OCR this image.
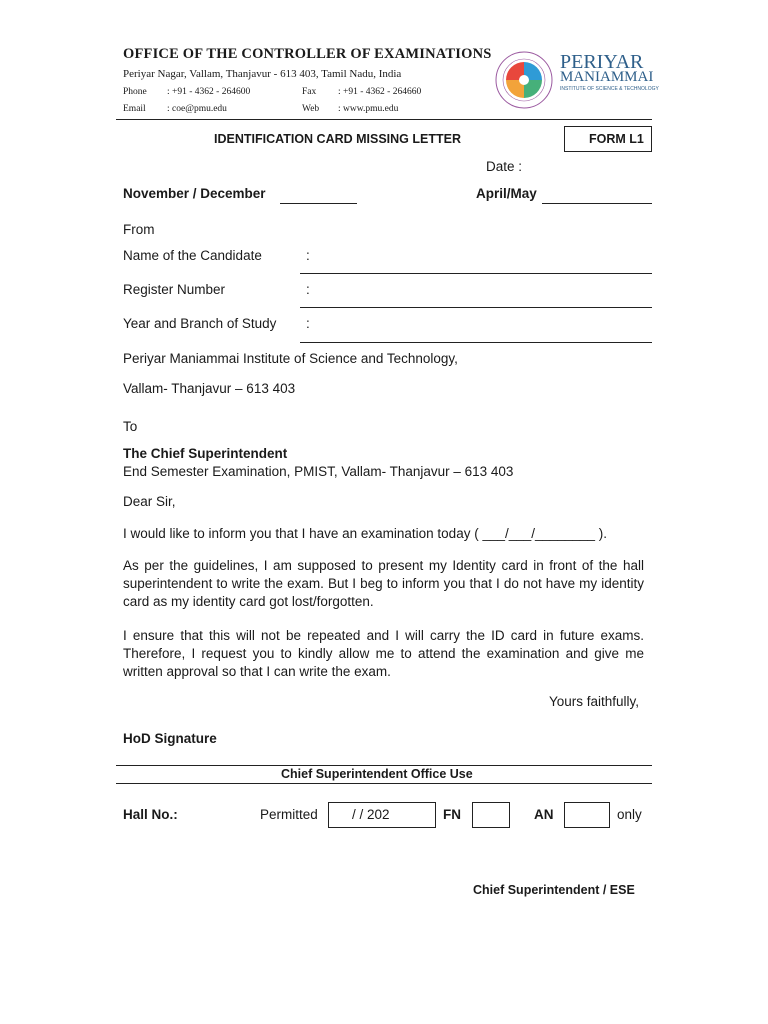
OFFICE OF THE CONTROLLER OF EXAMINATIONS
Periyar Nagar, Vallam, Thanjavur - 613 403, Tamil Nadu, India
Phone : +91 - 4362 - 264600	Fax : +91 - 4362 - 264660
Email : coe@pmu.edu	Web : www.pmu.edu
PERIYAR
MANIAMMAI
INSTITUTE OF SCIENCE & TECHNOLOGY
IDENTIFICATION CARD MISSING LETTER	FORM L1
Date :
November / December	April/May
From
Name of the Candidate	:
Register Number	:
Year and Branch of Study :
Periyar Maniammai Institute of Science and Technology,
Vallam- Thanjavur – 613 403
To
The Chief Superintendent
End Semester Examination, PMIST, Vallam- Thanjavur – 613 403
Dear Sir,
I would like to inform you that I have an examination today ( ___/___/________ ).
As per the guidelines, I am supposed to present my Identity card in front of the hall superintendent to write the exam. But I beg to inform you that I do not have my identity card as my identity card got lost/forgotten.
I ensure that this will not be repeated and I will carry the ID card in future exams. Therefore, I request you to kindly allow me to attend the examination and give me written approval so that I can write the exam.
Yours faithfully,
HoD Signature
Chief Superintendent Office Use
Hall No.:	Permitted	/ / 202	FN	AN	only
Chief Superintendent / ESE
